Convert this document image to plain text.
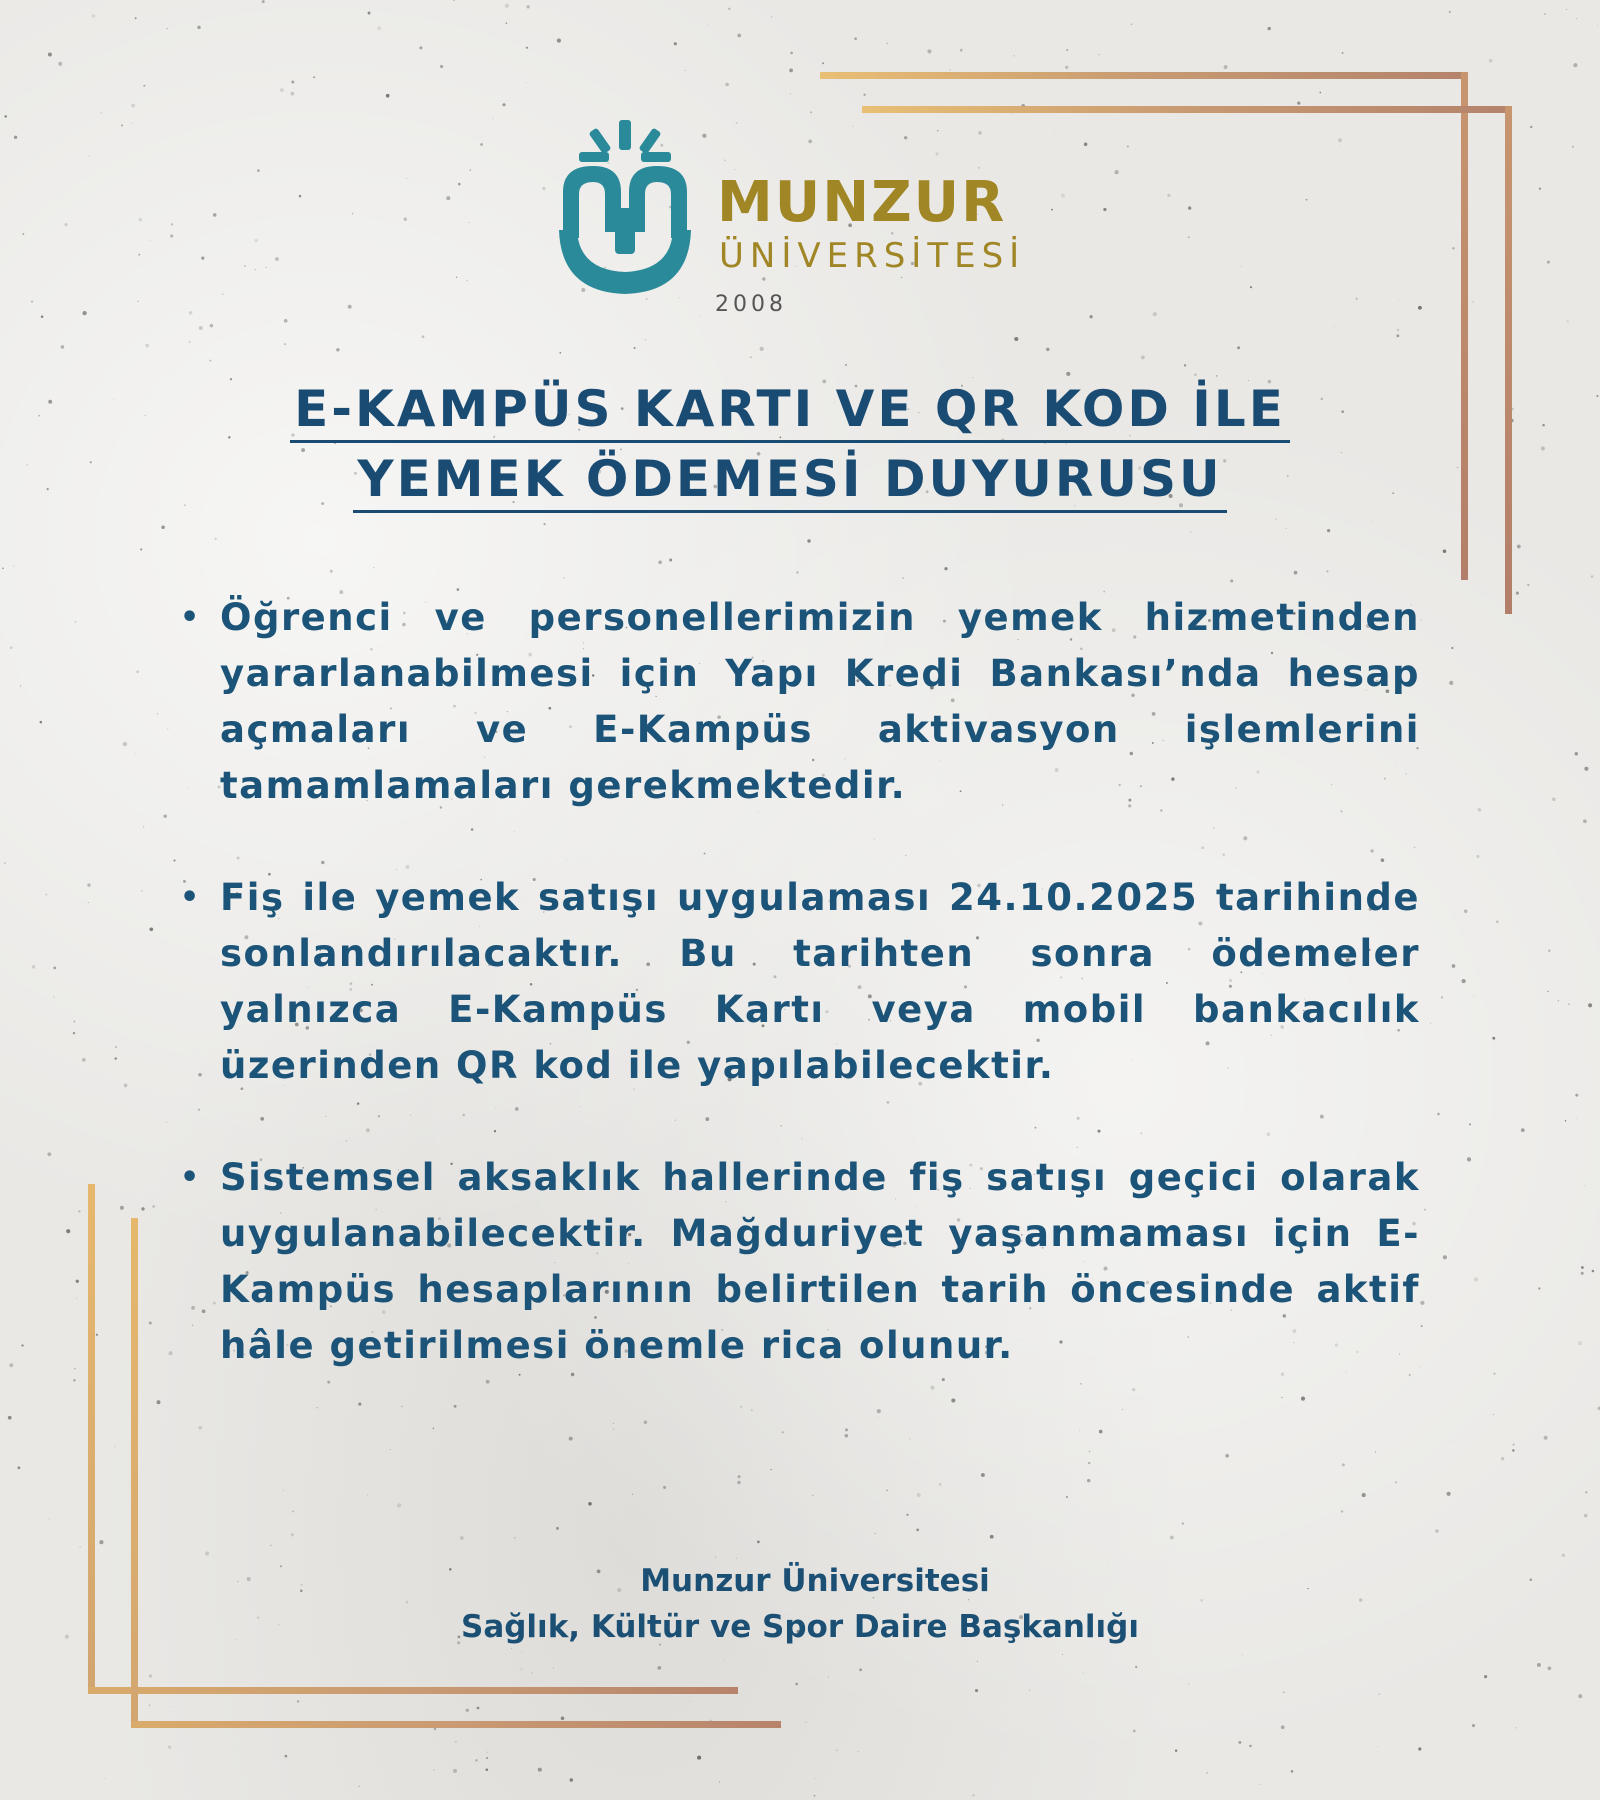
MUNZUR
ÜNİVERSİTESİ
2008
E-KAMPÜS KARTI VE QR KOD İLE
YEMEK ÖDEMESİ DUYURUSU
• Öğrenci ve personellerimizin yemek hizmetinden yararlanabilmesi için Yapı Kredi Bankası’nda hesap açmaları ve E-Kampüs aktivasyon işlemlerini tamamlamaları gerekmektedir.
• Fiş ile yemek satışı uygulaması 24.10.2025 tarihinde sonlandırılacaktır. Bu tarihten sonra ödemeler yalnızca E-Kampüs Kartı veya mobil bankacılık üzerinden QR kod ile yapılabilecektir.
• Sistemsel aksaklık hallerinde fiş satışı geçici olarak uygulanabilecektir. Mağduriyet yaşanmaması için E-Kampüs hesaplarının belirtilen tarih öncesinde aktif hâle getirilmesi önemle rica olunur.
Munzur Üniversitesi
Sağlık, Kültür ve Spor Daire Başkanlığı
